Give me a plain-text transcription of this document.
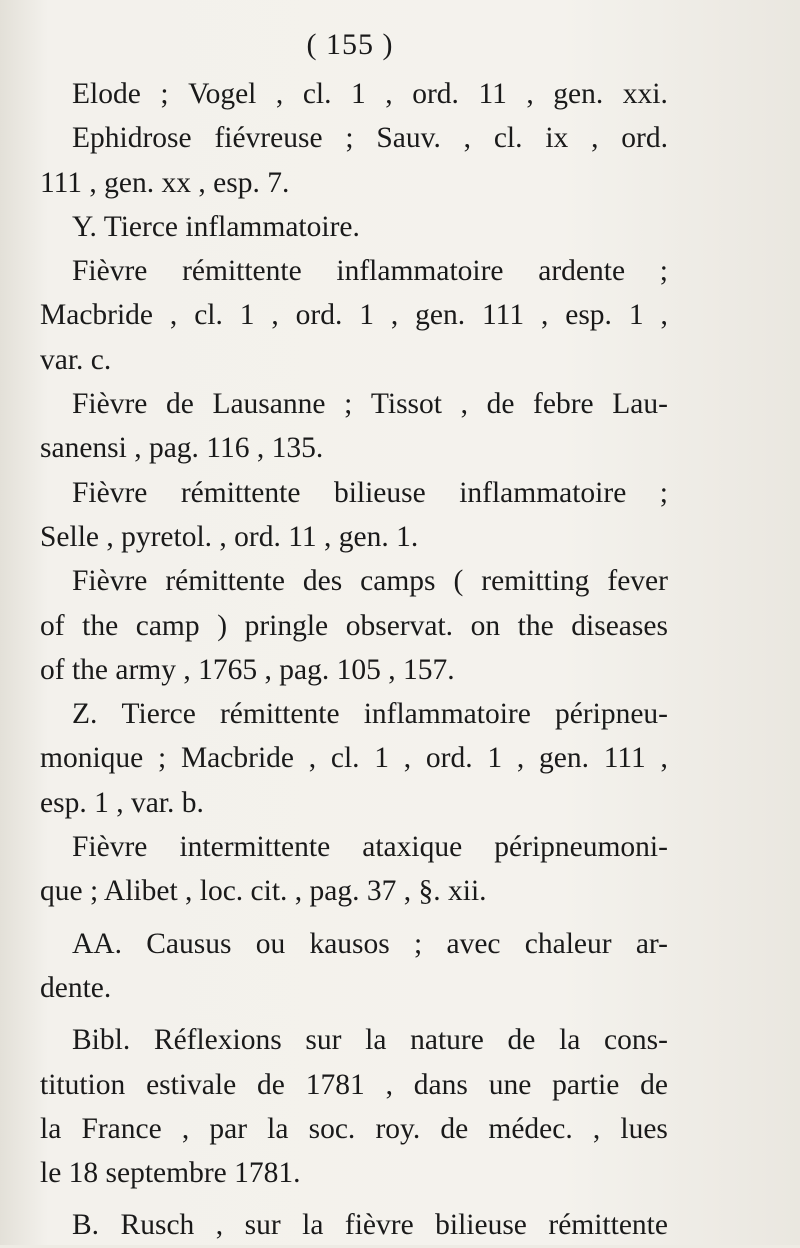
( 155 )
Elode ; Vogel , cl. 1 , ord. 11 , gen. xxi.
Ephidrose fiévreuse ; Sauv. , cl. ix , ord.
111 , gen. xx , esp. 7.
Y. Tierce inflammatoire.
Fièvre rémittente inflammatoire ardente ;
Macbride , cl. 1 , ord. 1 , gen. 111 , esp. 1 ,
var. c.
Fièvre de Lausanne ; Tissot , de febre Lau-
sanensi , pag. 116 , 135.
Fièvre rémittente bilieuse inflammatoire ;
Selle , pyretol. , ord. 11 , gen. 1.
Fièvre rémittente des camps ( remitting fever
of the camp ) pringle observat. on the diseases
of the army , 1765 , pag. 105 , 157.
Z. Tierce rémittente inflammatoire péripneu-
monique ; Macbride , cl. 1 , ord. 1 , gen. 111 ,
esp. 1 , var. b.
Fièvre intermittente ataxique péripneumoni-
que ; Alibet , loc. cit. , pag. 37 , §. xii.
AA. Causus ou kausos ; avec chaleur ar-
dente.
Bibl. Réflexions sur la nature de la cons-
titution estivale de 1781 , dans une partie de
la France , par la soc. roy. de médec. , lues
le 18 septembre 1781.
B. Rusch , sur la fièvre bilieuse rémittente
